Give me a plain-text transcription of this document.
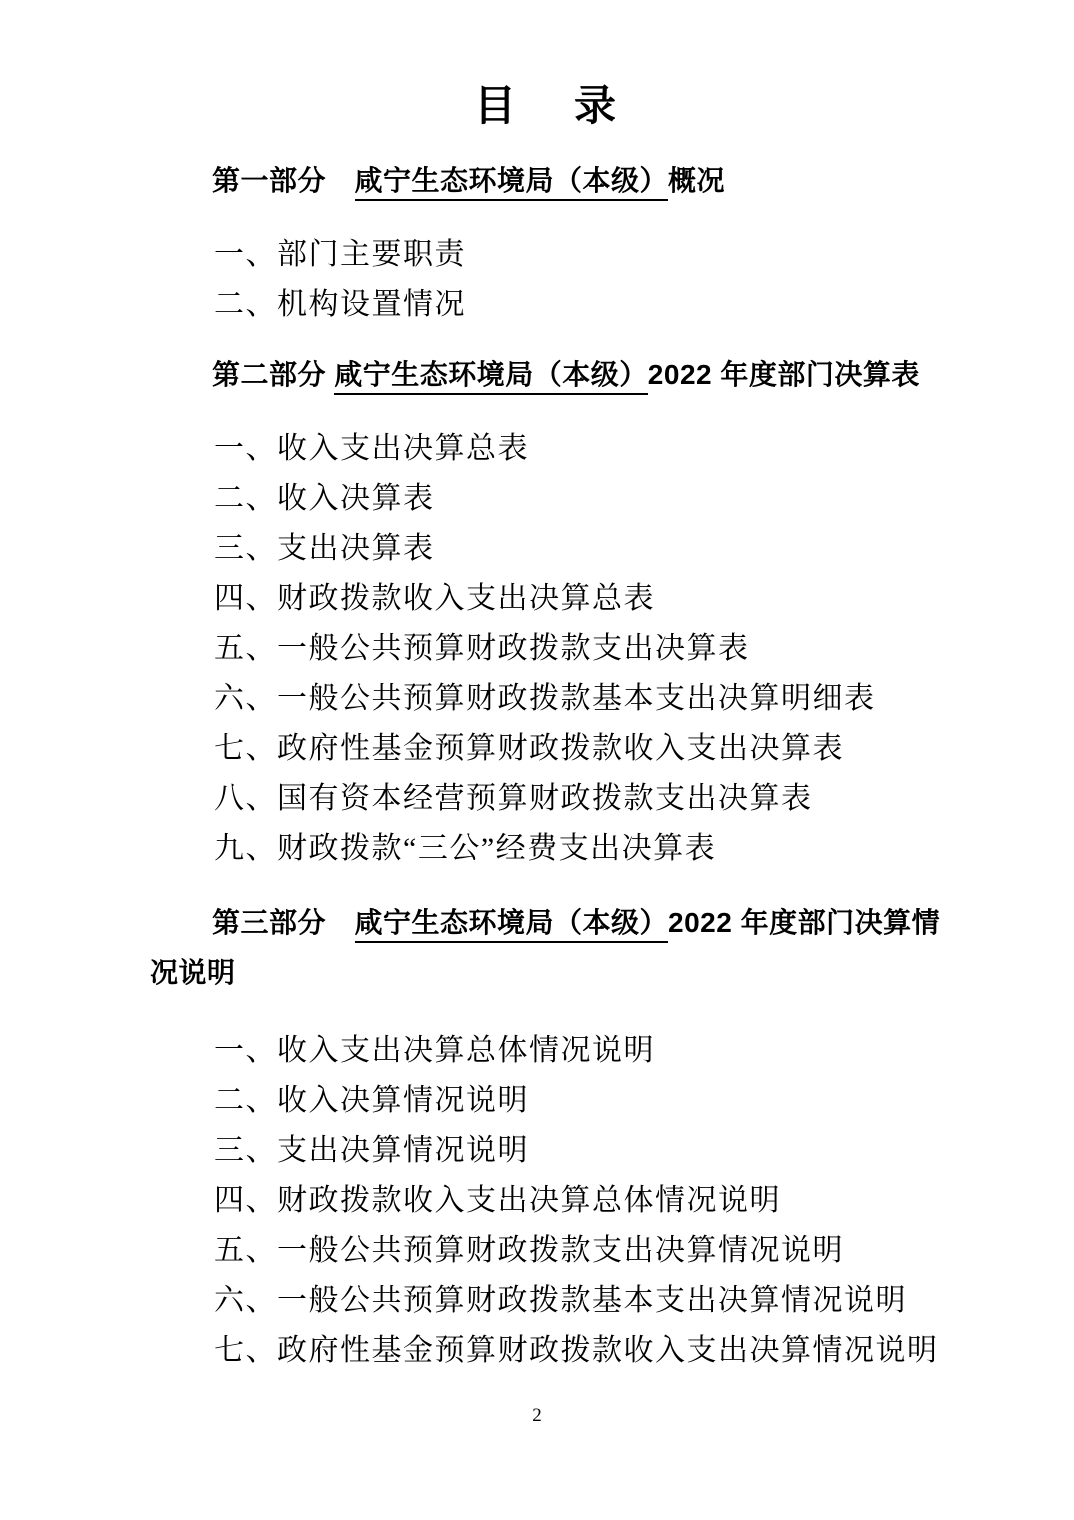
目　录
第一部分　咸宁生态环境局（本级）概况
一、部门主要职责
二、机构设置情况
第二部分 咸宁生态环境局（本级）2022 年度部门决算表
一、收入支出决算总表
二、收入决算表
三、支出决算表
四、财政拨款收入支出决算总表
五、一般公共预算财政拨款支出决算表
六、一般公共预算财政拨款基本支出决算明细表
七、政府性基金预算财政拨款收入支出决算表
八、国有资本经营预算财政拨款支出决算表
九、财政拨款“三公”经费支出决算表
第三部分　咸宁生态环境局（本级）2022 年度部门决算情
况说明
一、收入支出决算总体情况说明
二、收入决算情况说明
三、支出决算情况说明
四、财政拨款收入支出决算总体情况说明
五、一般公共预算财政拨款支出决算情况说明
六、一般公共预算财政拨款基本支出决算情况说明
七、政府性基金预算财政拨款收入支出决算情况说明
2
